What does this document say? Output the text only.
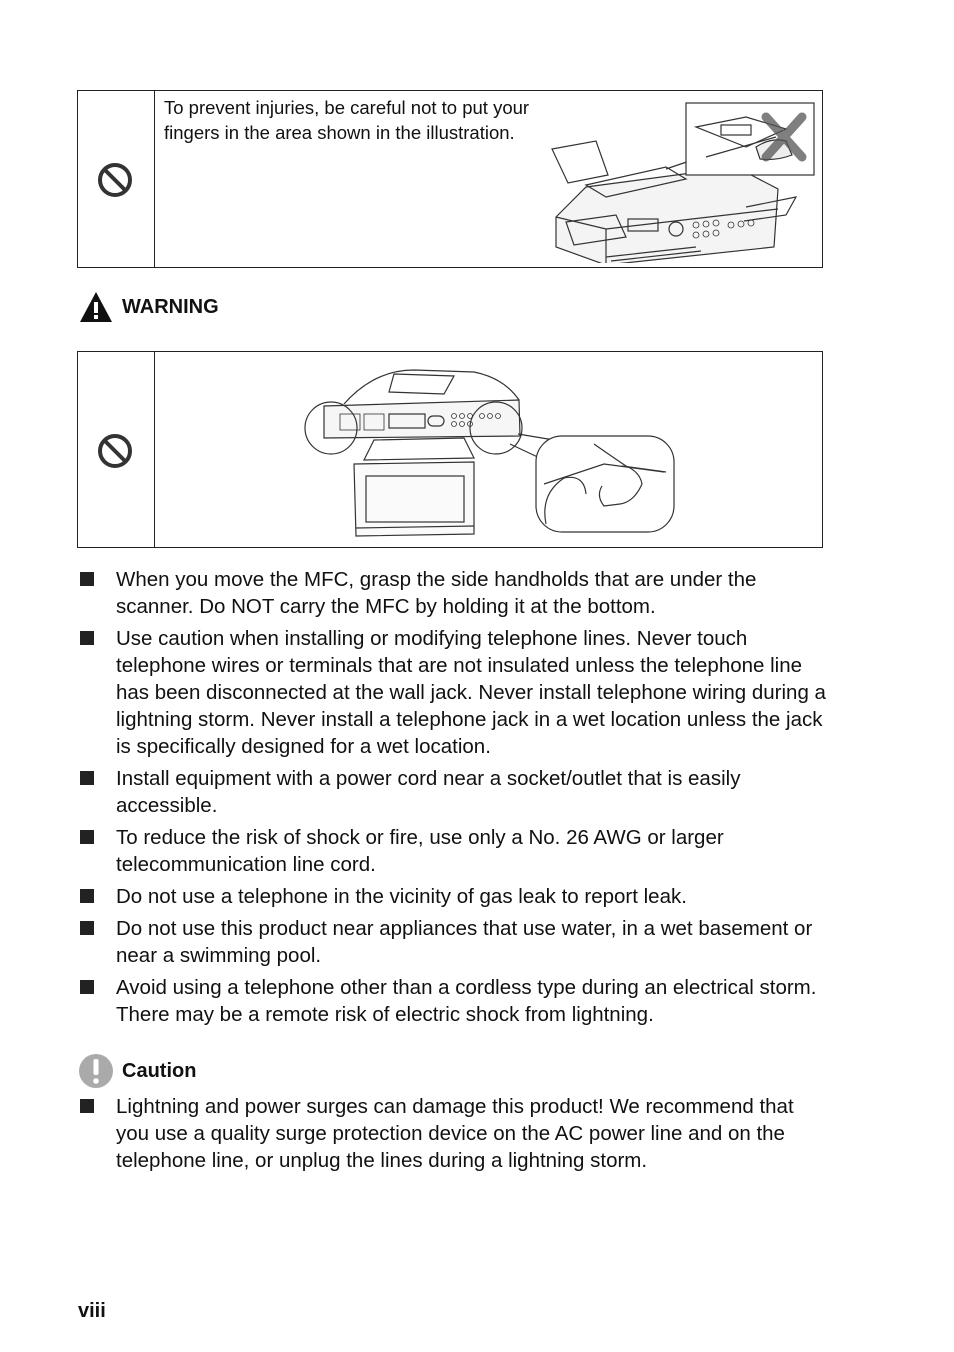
To prevent injuries, be careful not to put your fingers in the area shown in the illustration.
WARNING
When you move the MFC, grasp the side handholds that are under the scanner. Do NOT carry the MFC by holding it at the bottom.
Use caution when installing or modifying telephone lines. Never touch telephone wires or terminals that are not insulated unless the telephone line has been disconnected at the wall jack. Never install telephone wiring during a lightning storm. Never install a telephone jack in a wet location unless the jack is specifically designed for a wet location.
Install equipment with a power cord near a socket/outlet that is easily accessible.
To reduce the risk of shock or fire, use only a No. 26 AWG or larger telecommunication line cord.
Do not use a telephone in the vicinity of gas leak to report leak.
Do not use this product near appliances that use water, in a wet basement or near a swimming pool.
Avoid using a telephone other than a cordless type during an electrical storm. There may be a remote risk of electric shock from lightning.
Caution
Lightning and power surges can damage this product! We recommend that you use a quality surge protection device on the AC power line and on the telephone line, or unplug the lines during a lightning storm.
viii
